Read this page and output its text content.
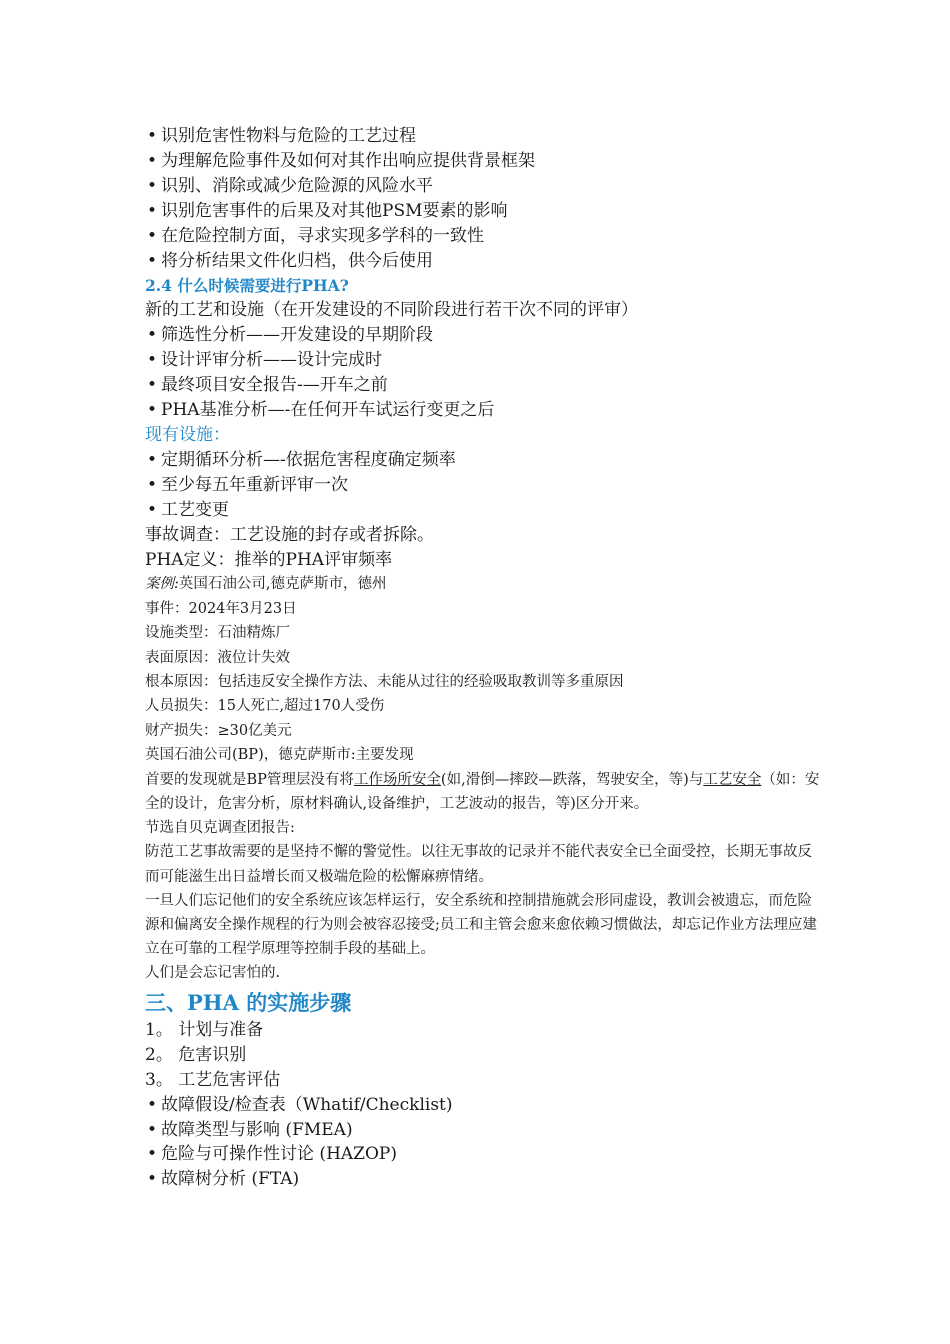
• 识别危害性物料与危险的工艺过程
• 为理解危险事件及如何对其作出响应提供背景框架
• 识别、消除或减少危险源的风险水平
• 识别危害事件的后果及对其他PSM要素的影响
• 在危险控制方面，寻求实现多学科的一致性
• 将分析结果文件化归档，供今后使用
2.4 什么时候需要进行PHA?
新的工艺和设施（在开发建设的不同阶段进行若干次不同的评审）
• 筛选性分析——开发建设的早期阶段
• 设计评审分析——设计完成时
• 最终项目安全报告-—开车之前
• PHA基准分析—-在任何开车试运行变更之后
现有设施：
• 定期循环分析—-依据危害程度确定频率
• 至少每五年重新评审一次
• 工艺变更
事故调查：工艺设施的封存或者拆除。
PHA定义：推举的PHA评审频率
案例:英国石油公司,德克萨斯市，德州
事件：2024年3月23日
设施类型：石油精炼厂
表面原因：液位计失效
根本原因：包括违反安全操作方法、未能从过往的经验吸取教训等多重原因
人员损失：15人死亡,超过170人受伤
财产损失：≥30亿美元
英国石油公司(BP)，德克萨斯市:主要发现
首要的发现就是BP管理层没有将工作场所安全(如,滑倒—摔跤—跌落，驾驶安全，等)与工艺安全（如：安全的设计，危害分析，原材料确认,设备维护，工艺波动的报告，等)区分开来。
节选自贝克调查团报告:
防范工艺事故需要的是坚持不懈的警觉性。以往无事故的记录并不能代表安全已全面受控，长期无事故反而可能滋生出日益增长而又极端危险的松懈麻痹情绪。
一旦人们忘记他们的安全系统应该怎样运行，安全系统和控制措施就会形同虚设，教训会被遗忘，而危险源和偏离安全操作规程的行为则会被容忍接受;员工和主管会愈来愈依赖习惯做法，却忘记作业方法理应建立在可靠的工程学原理等控制手段的基础上。
人们是会忘记害怕的.
三、PHA 的实施步骤
1。 计划与准备
2。 危害识别
3。 工艺危害评估
• 故障假设/检查表（Whatif/Checklist)
• 故障类型与影响 (FMEA)
• 危险与可操作性讨论 (HAZOP)
• 故障树分析 (FTA)
